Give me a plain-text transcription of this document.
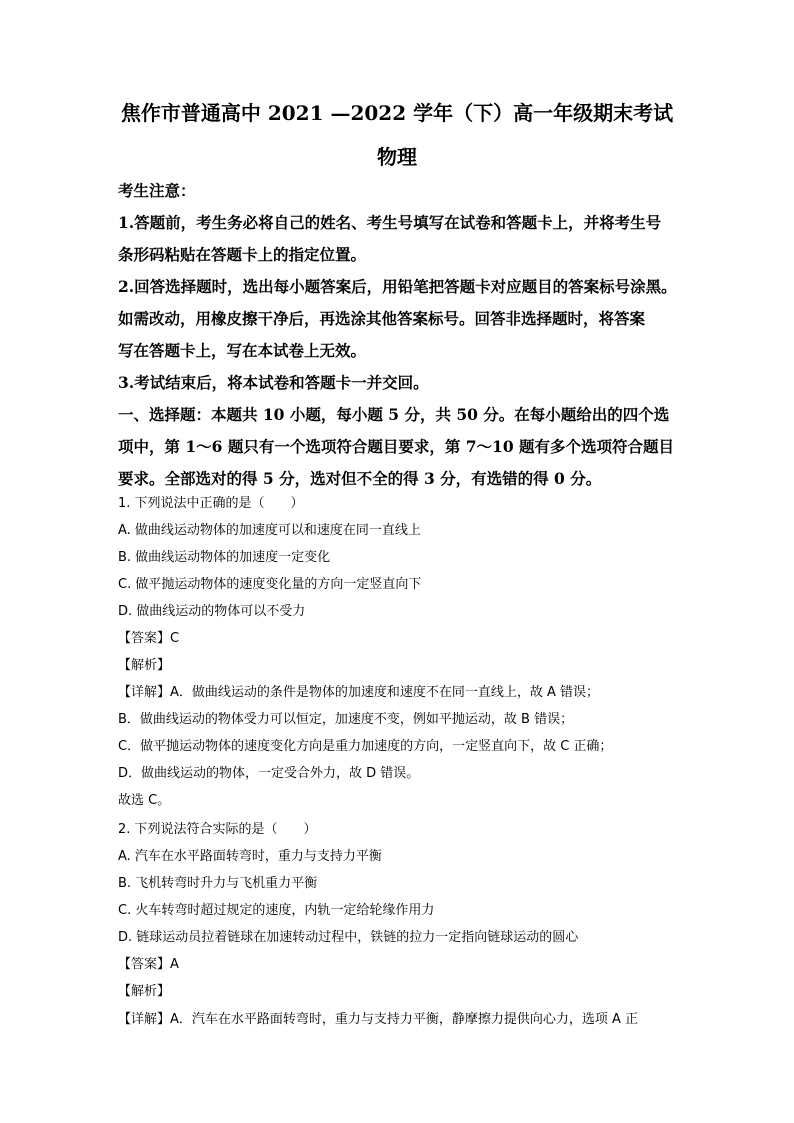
焦作市普通高中 2021 —2022 学年（下）高一年级期末考试
物理
考生注意：
1.答题前，考生务必将自己的姓名、考生号填写在试卷和答题卡上，并将考生号
条形码粘贴在答题卡上的指定位置。
2.回答选择题时，选出每小题答案后，用铅笔把答题卡对应题目的答案标号涂黑。
如需改动，用橡皮擦干净后，再选涂其他答案标号。回答非选择题时，将答案
写在答题卡上，写在本试卷上无效。
3.考试结束后，将本试卷和答题卡一并交回。
一、选择题：本题共 10 小题，每小题 5 分，共 50 分。在每小题给出的四个选
项中，第 1～6 题只有一个选项符合题目要求，第 7～10 题有多个选项符合题目
要求。全部选对的得 5 分，选对但不全的得 3 分，有选错的得 0 分。
1. 下列说法中正确的是（　　）
A. 做曲线运动物体的加速度可以和速度在同一直线上
B. 做曲线运动物体的加速度一定变化
C. 做平抛运动物体的速度变化量的方向一定竖直向下
D. 做曲线运动的物体可以不受力
【答案】C
【解析】
【详解】A．做曲线运动的条件是物体的加速度和速度不在同一直线上，故 A 错误；
B．做曲线运动的物体受力可以恒定，加速度不变，例如平抛运动，故 B 错误；
C．做平抛运动物体的速度变化方向是重力加速度的方向，一定竖直向下，故 C 正确；
D．做曲线运动的物体，一定受合外力，故 D 错误。
故选 C。
2. 下列说法符合实际的是（　　）
A. 汽车在水平路面转弯时，重力与支持力平衡
B. 飞机转弯时升力与飞机重力平衡
C. 火车转弯时超过规定的速度，内轨一定给轮缘作用力
D. 链球运动员拉着链球在加速转动过程中，铁链的拉力一定指向链球运动的圆心
【答案】A
【解析】
【详解】A．汽车在水平路面转弯时，重力与支持力平衡，静摩擦力提供向心力，选项 A 正
